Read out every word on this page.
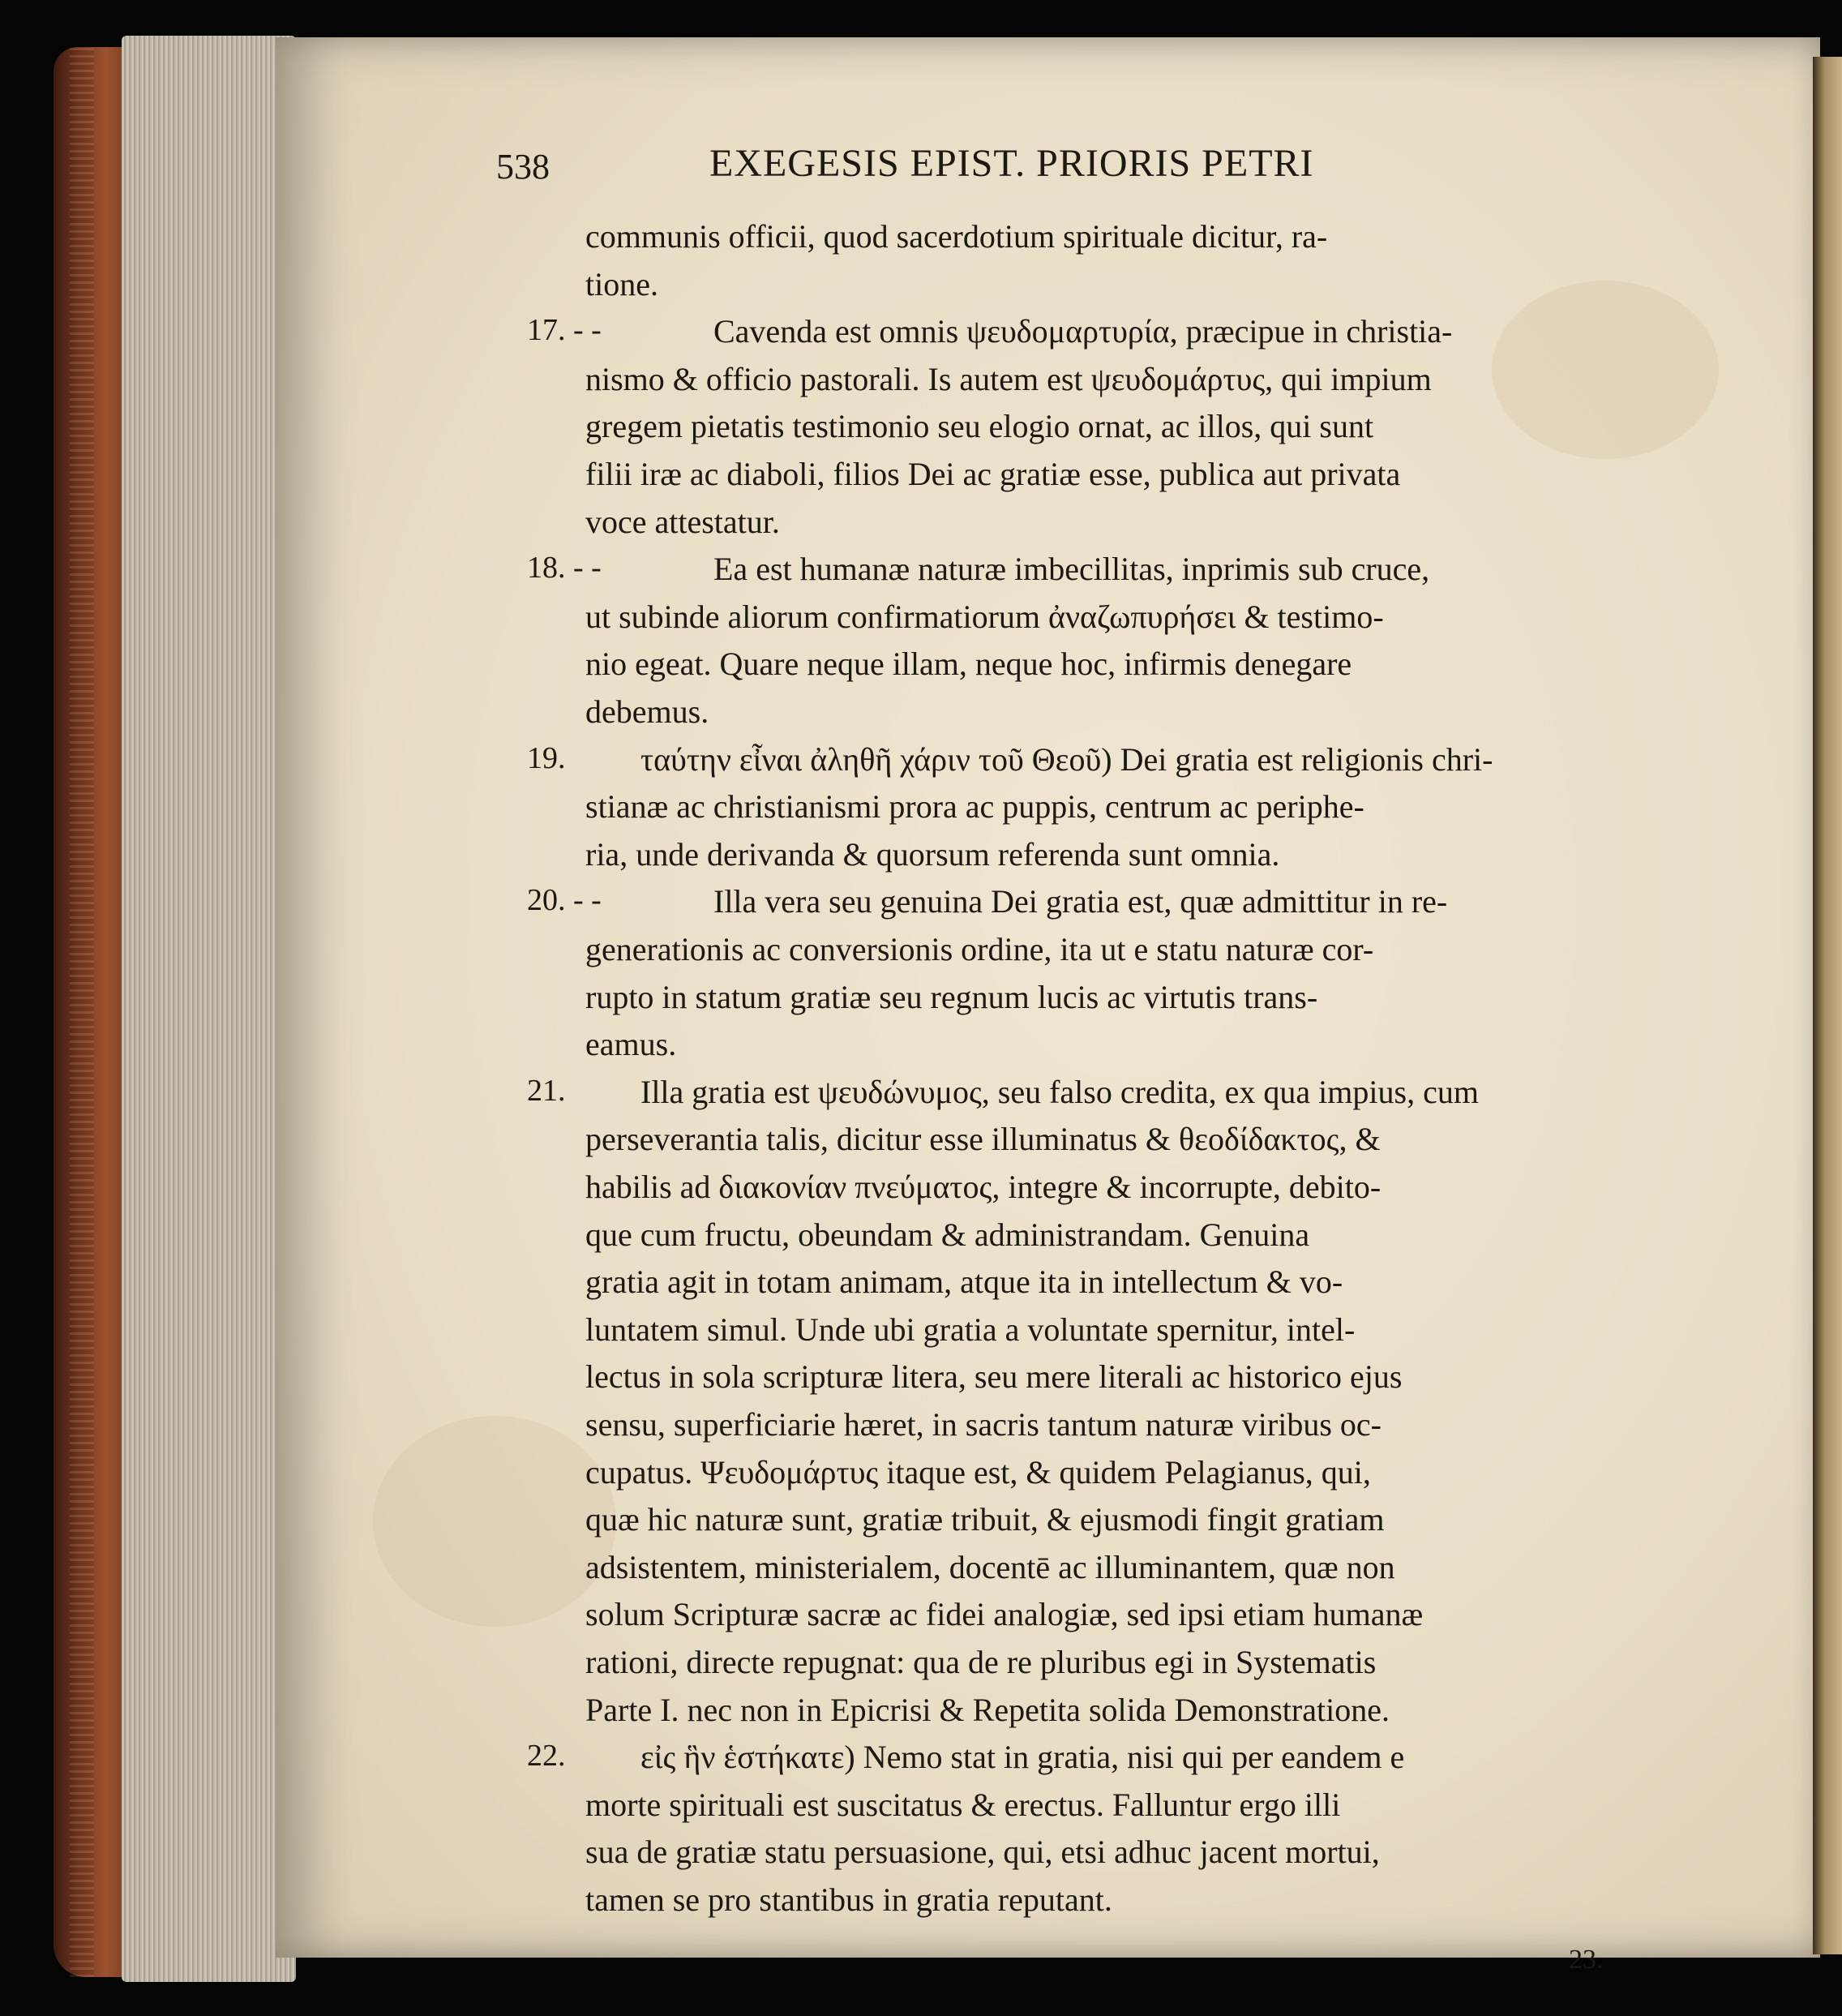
538	EXEGESIS EPIST. PRIORIS PETRI
communis officii, quod sacerdotium spirituale dicitur, ra-
tione.
17. - -	Cavenda est omnis ψευδομαρτυρία, præcipue in christia-
nismo & officio pastorali. Is autem est ψευδομάρτυς, qui impium
gregem pietatis testimonio seu elogio ornat, ac illos, qui sunt
filii iræ ac diaboli, filios Dei ac gratiæ esse, publica aut privata
voce attestatur.
18. - -	Ea est humanæ naturæ imbecillitas, inprimis sub cruce,
ut subinde aliorum confirmatiorum ἀναζωπυρήσει & testimo-
nio egeat. Quare neque illam, neque hoc, infirmis denegare
debemus.
19. ταύτην εἶναι ἀληθῆ χάριν τοῦ Θεοῦ) Dei gratia est religionis chri-
stianæ ac christianismi prora ac puppis, centrum ac periphe-
ria, unde derivanda & quorsum referenda sunt omnia.
20. - -	Illa vera seu genuina Dei gratia est, quæ admittitur in re-
generationis ac conversionis ordine, ita ut e statu naturæ cor-
rupto in statum gratiæ seu regnum lucis ac virtutis trans-
eamus.
21. Illa gratia est ψευδώνυμος, seu falso credita, ex qua impius, cum
perseverantia talis, dicitur esse illuminatus & θεοδίδακτος, &
habilis ad διακονίαν πνεύματος, integre & incorrupte, debito-
que cum fructu, obeundam & administrandam. Genuina
gratia agit in totam animam, atque ita in intellectum & vo-
luntatem simul. Unde ubi gratia a voluntate spernitur, intel-
lectus in sola scripturæ litera, seu mere literali ac historico ejus
sensu, superficiarie hæret, in sacris tantum naturæ viribus oc-
cupatus. Ψευδομάρτυς itaque est, & quidem Pelagianus, qui,
quæ hic naturæ sunt, gratiæ tribuit, & ejusmodi fingit gratiam
adsistentem, ministerialem, docentē ac illuminantem, quæ non
solum Scripturæ sacræ ac fidei analogiæ, sed ipsi etiam humanæ
rationi, directe repugnat: qua de re pluribus egi in Systematis
Parte I. nec non in Epicrisi & Repetita solida Demonstratione.
22. εἰς ἣν ἑστήκατε) Nemo stat in gratia, nisi qui per eandem e
morte spirituali est suscitatus & erectus. Falluntur ergo illi
sua de gratiæ statu persuasione, qui, etsi adhuc jacent mortui,
tamen se pro stantibus in gratia reputant.
23.
